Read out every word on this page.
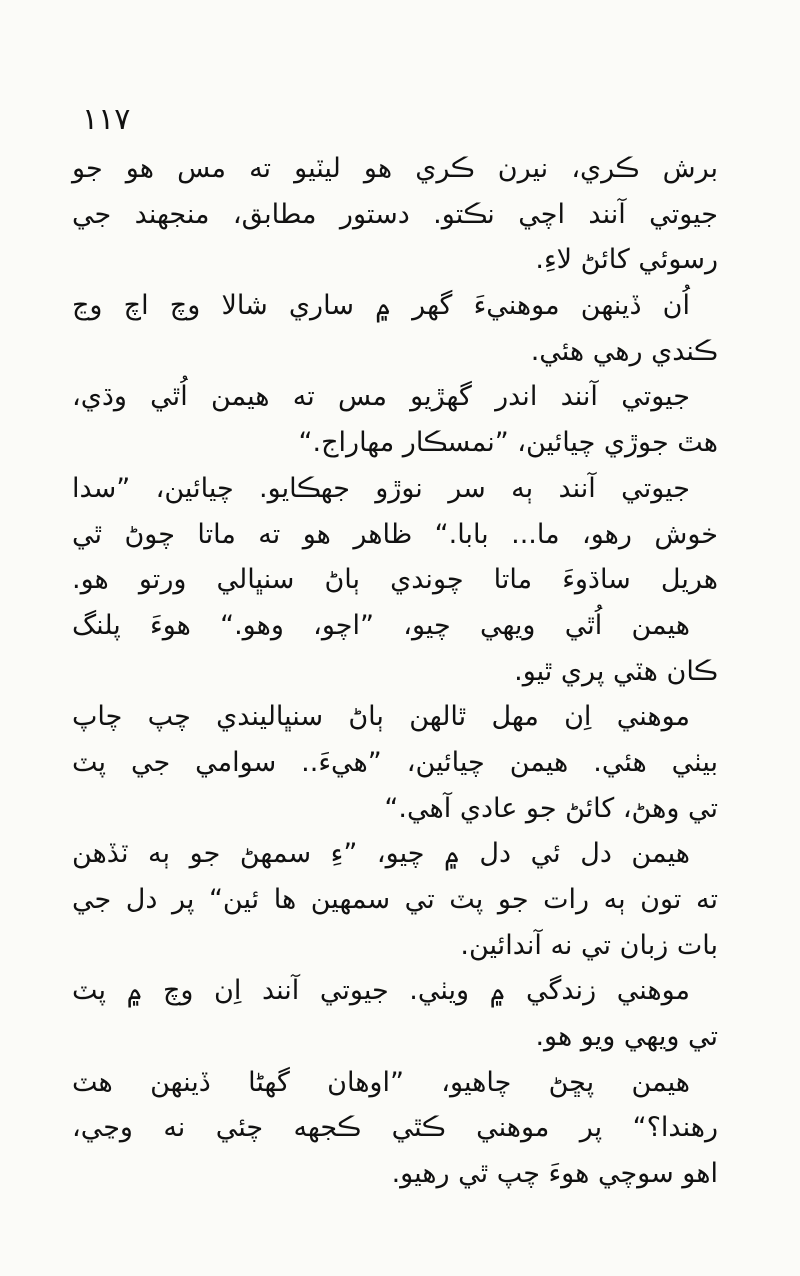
۱۱۷
برش ڪري، نيرن ڪري هو ليٽيو ته مس هو جو
جيوتي آنند اچي نڪتو. دستور مطابق، منجهند جي
رسوئي کائڻ لاءِ.
اُن ڏينهن موهنيءَ گهر ۾ ساري شالا وچ اچ وڃ
ڪندي رهي هئي.
جيوتي آنند اندر گهڙيو مس ته هيمن اُٿي وڌي،
هٿ جوڙي چيائين، ”نمسڪار مهاراج.“
جيوتي آنند ٻه سر نوڙو جهڪايو. چيائين، ”سدا
خوش رهو، ما... بابا.“ ظاهر هو ته ماتا چوڻ ٿي
هريل ساڌوءَ ماتا چوندي ٻاڻ سنڀالي ورتو هو.
هيمن اُٿي ويهي چيو، ”اچو، وهو.“ هوءَ پلنگ
ڪان هٽي پري ٿيو.
موهني اِن مهل ٿالهن ٻاڻ سنڀاليندي چپ چاپ
بيٺي هئي. هيمن چيائين، ”هيءَ.. سوامي جي پٽ
تي وهڻ، کائڻ جو عادي آهي.“
هيمن دل ئي دل ۾ چيو، ”ءِ سمهڻ جو ٻه ٽڏهن
ته تون ٻه رات جو پٽ تي سمهين ها ئين“ پر دل جي
بات زبان تي نه آندائين.
موهني زندگي ۾ ويٺي. جيوتي آنند اِن وچ ۾ پٽ
تي ويهي ويو هو.
هيمن پڇڻ چاهيو، ”اوهان گهڻا ڏينهن هٽ
رهندا؟“ پر موهني ڪٿي ڪجهه چئي نه وڃي،
اهو سوچي هوءَ چپ ٿي رهيو.
